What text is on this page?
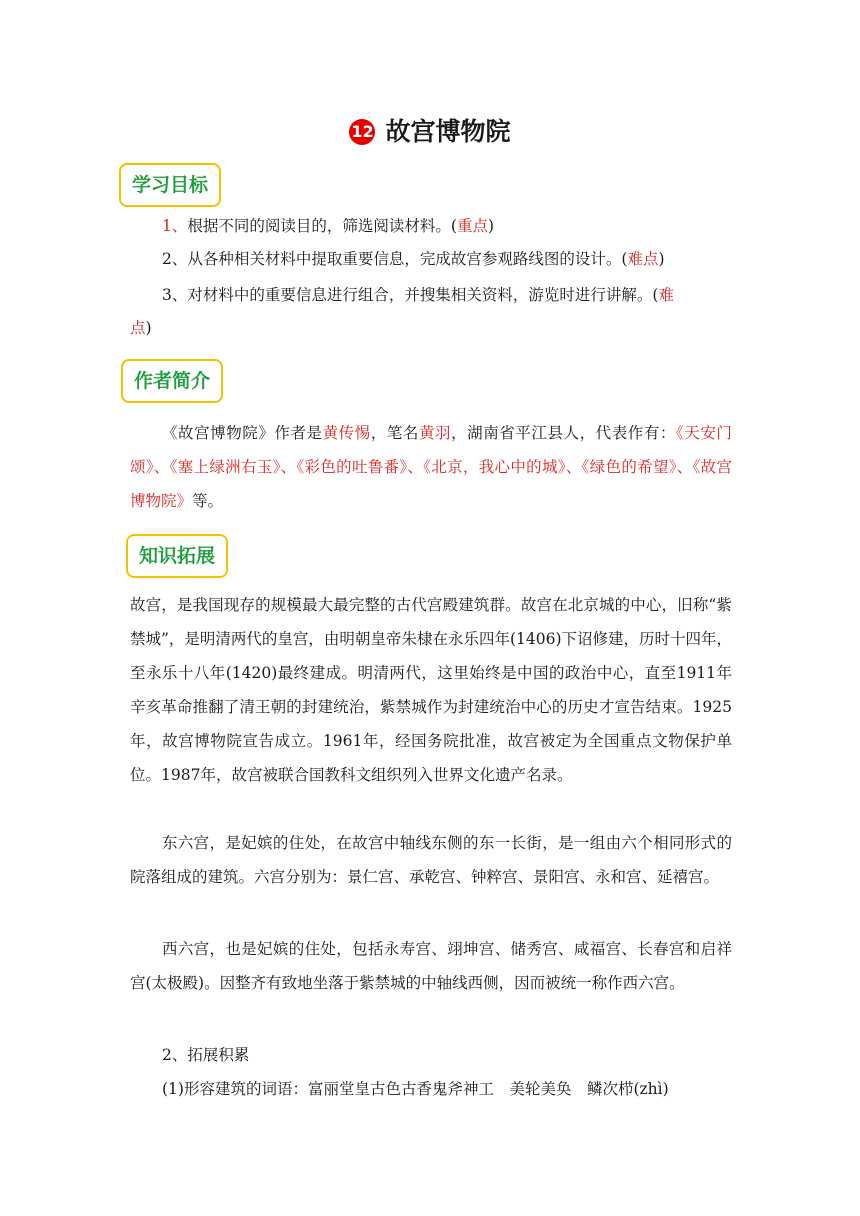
12 故宫博物院
学习目标
1、根据不同的阅读目的，筛选阅读材料。(重点)
2、从各种相关材料中提取重要信息，完成故宫参观路线图的设计。(难点)
3、对材料中的重要信息进行组合，并搜集相关资料，游览时进行讲解。(难
点)
作者简介
《故宫博物院》作者是黄传惕，笔名黄羽，湖南省平江县人，代表作有：《天安门颂》、《塞上绿洲右玉》、《彩色的吐鲁番》、《北京，我心中的城》、《绿色的希望》、《故宫博物院》等。
知识拓展
故宫，是我国现存的规模最大最完整的古代宫殿建筑群。故宫在北京城的中心，旧称“紫禁城”，是明清两代的皇宫，由明朝皇帝朱棣在永乐四年(1406)下诏修建，历时十四年，至永乐十八年(1420)最终建成。明清两代，这里始终是中国的政治中心，直至1911年辛亥革命推翻了清王朝的封建统治，紫禁城作为封建统治中心的历史才宣告结束。1925年，故宫博物院宣告成立。1961年，经国务院批准，故宫被定为全国重点文物保护单位。1987年，故宫被联合国教科文组织列入世界文化遗产名录。
东六宫，是妃嫔的住处，在故宫中轴线东侧的东一长街，是一组由六个相同形式的院落组成的建筑。六宫分别为：景仁宫、承乾宫、钟粹宫、景阳宫、永和宫、延禧宫。
西六宫，也是妃嫔的住处，包括永寿宫、翊坤宫、储秀宫、咸福宫、长春宫和启祥宫(太极殿)。因整齐有致地坐落于紫禁城的中轴线西侧，因而被统一称作西六宫。
2、拓展积累
(1)形容建筑的词语：富丽堂皇古色古香鬼斧神工　美轮美奂　鳞次栉(zhì)
